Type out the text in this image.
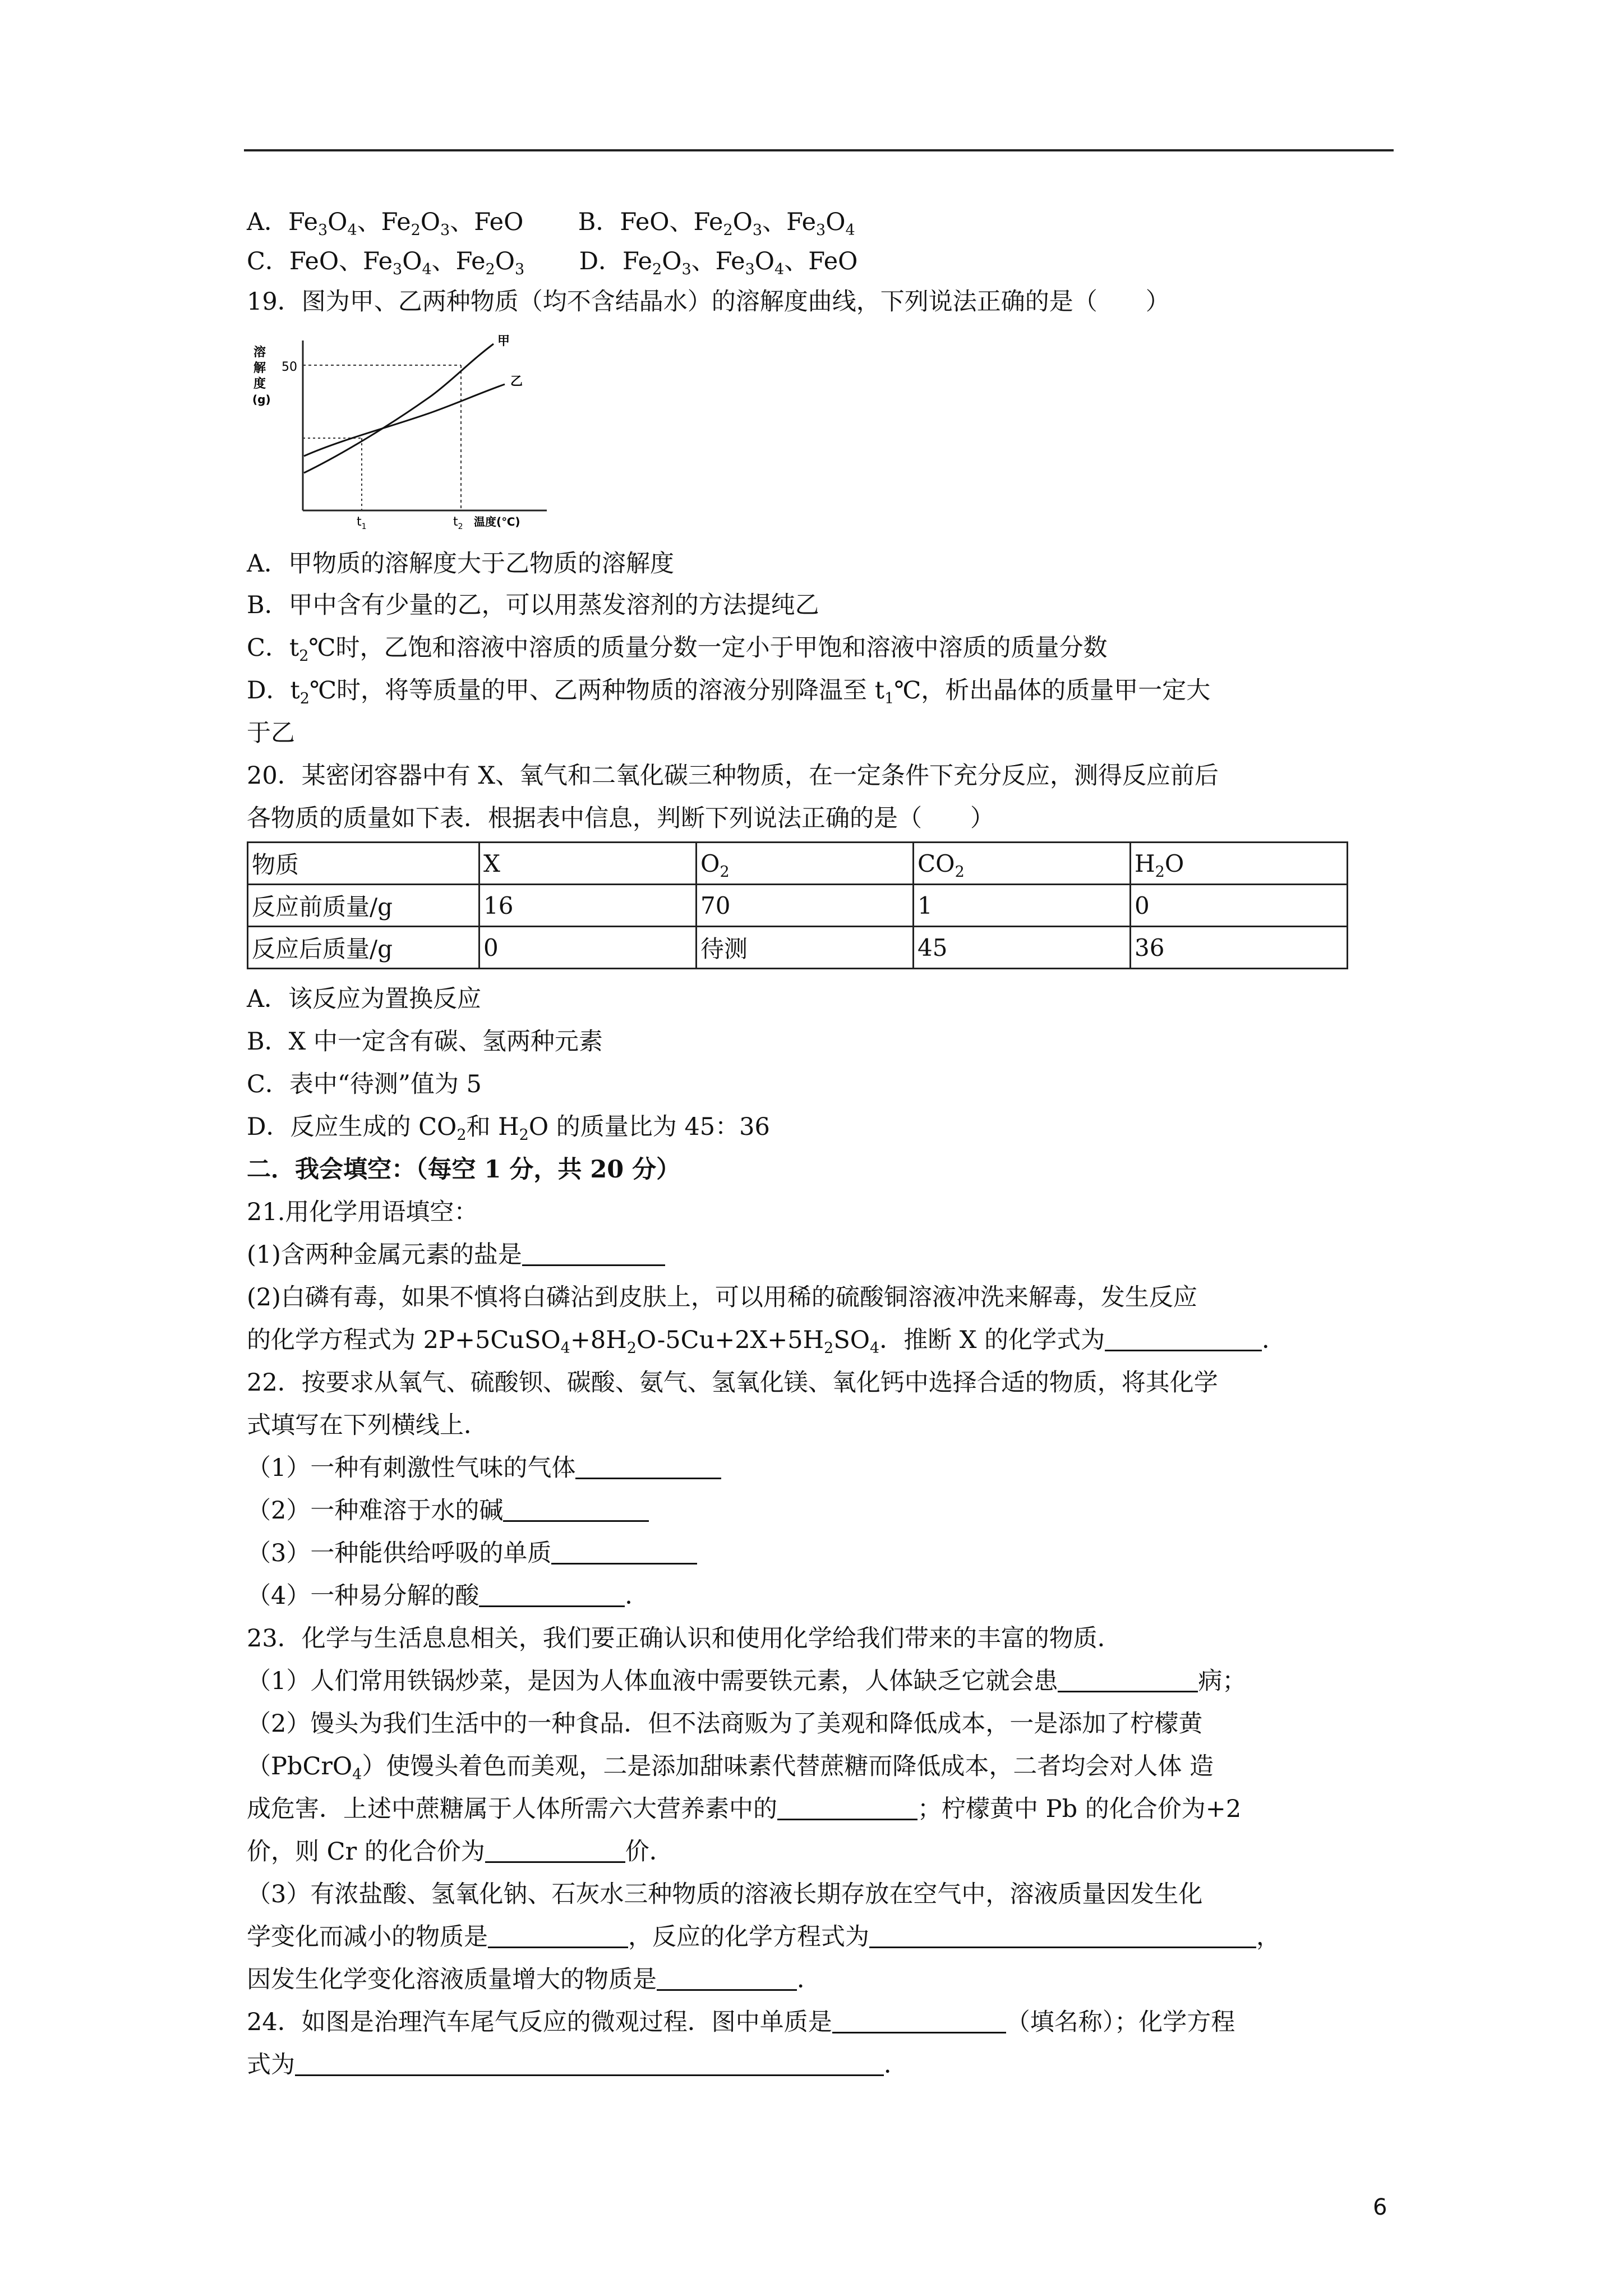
A．$Fe_3O_4$、$Fe_2O_3$、FeO B．FeO、$Fe_2O_3$、$Fe_3O_4$
C．FeO、$Fe_3O_4$、$Fe_2O_3$ D．$Fe_2O_3$、$Fe_3O_4$、FeO
19．图为甲、乙两种物质（均不含结晶水）的溶解度曲线，下列说法正确的是（　　）
溶
解
度
(g)
50
甲
乙
$t_1$	$t_2$ 温度(℃)
A．甲物质的溶解度大于乙物质的溶解度
B．甲中含有少量的乙，可以用蒸发溶剂的方法提纯乙
C．$t_2℃$时，乙饱和溶液中溶质的质量分数一定小于甲饱和溶液中溶质的质量分数
D．$t_2℃$时，将等质量的甲、乙两种物质的溶液分别降温至 $t_1℃$，析出晶体的质量甲一定大
于乙
20．某密闭容器中有 X、氧气和二氧化碳三种物质，在一定条件下充分反应，测得反应前后
各物质的质量如下表．根据表中信息，判断下列说法正确的是（　　）
物质	X	$O_2$	$CO_2$	$H_2O$
反应前质量/g	16	70	1	0
反应后质量/g	0	待测	45	36
A．该反应为置换反应
B．X 中一定含有碳、氢两种元素
C．表中“待测”值为 5
D．反应生成的 $CO_2$和 $H_2O$ 的质量比为 45：36
二．我会填空：（每空 1 分，共 20 分）
21.用化学用语填空：
(1)含两种金属元素的盐是
(2)白磷有毒，如果不慎将白磷沾到皮肤上，可以用稀的硫酸铜溶液冲洗来解毒，发生反应
的化学方程式为 $2P+5CuSO_4+8H_2O-5Cu+2X+5H_2SO_4$．推断 X 的化学式为	．
22．按要求从氧气、硫酸钡、碳酸、氨气、氢氧化镁、氧化钙中选择合适的物质，将其化学
式填写在下列横线上．
（1）一种有刺激性气味的气体
（2）一种难溶于水的碱
（3）一种能供给呼吸的单质
（4）一种易分解的酸	．
23．化学与生活息息相关，我们要正确认识和使用化学给我们带来的丰富的物质．
（1）人们常用铁锅炒菜，是因为人体血液中需要铁元素，人体缺乏它就会患	病；
（2）馒头为我们生活中的一种食品．但不法商贩为了美观和降低成本，一是添加了柠檬黄
（PbCrO$_4$）使馒头着色而美观，二是添加甜味素代替蔗糖而降低成本，二者均会对人体 造
成危害．上述中蔗糖属于人体所需六大营养素中的	；柠檬黄中 Pb 的化合价为+2
价，则 Cr 的化合价为	价．
（3）有浓盐酸、氢氧化钠、石灰水三种物质的溶液长期存放在空气中，溶液质量因发生化
学变化而减小的物质是	，反应的化学方程式为	，
因发生化学变化溶液质量增大的物质是	．
24．如图是治理汽车尾气反应的微观过程．图中单质是	（填名称）；化学方程
式为	．
6
